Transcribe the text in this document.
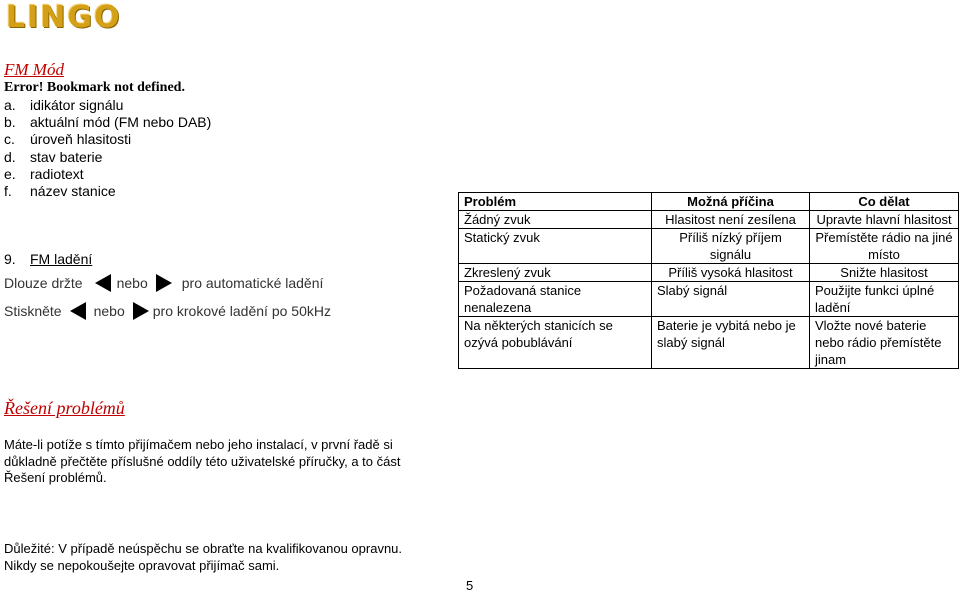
LINGO
FM Mód
Error! Bookmark not defined.
a.	idikátor signálu
b.	aktuální mód (FM nebo DAB)
c.	úroveň hlasitosti
d.	stav baterie
e.	radiotext
f.	název stanice
9. FM ladění
Dlouze držte nebo pro automatické ladění
Stiskněte nebo pro krokové ladění po 50kHz
Řešení problémů
Máte-li potíže s tímto přijímačem nebo jeho instalací, v první řadě si důkladně přečtěte příslušné oddíly této uživatelské příručky, a to část Řešení problémů.
Problém	Možná příčina	Co dělat
Žádný zvuk	Hlasitost není zesílena	Upravte hlavní hlasitost
Statický zvuk	Příliš nízký příjem signálu	Přemístěte rádio na jiné místo
Zkreslený zvuk	Příliš vysoká hlasitost	Snižte hlasitost
Požadovaná stanice nenalezena	Slabý signál	Použijte funkci úplné ladění
Na některých stanicích se ozývá pobublávání	Baterie je vybitá nebo je slabý signál	Vložte nové baterie nebo rádio přemístěte jinam
Důležité: V případě neúspěchu se obraťte na kvalifikovanou opravnu.
Nikdy se nepokoušejte opravovat přijímač sami.
5
